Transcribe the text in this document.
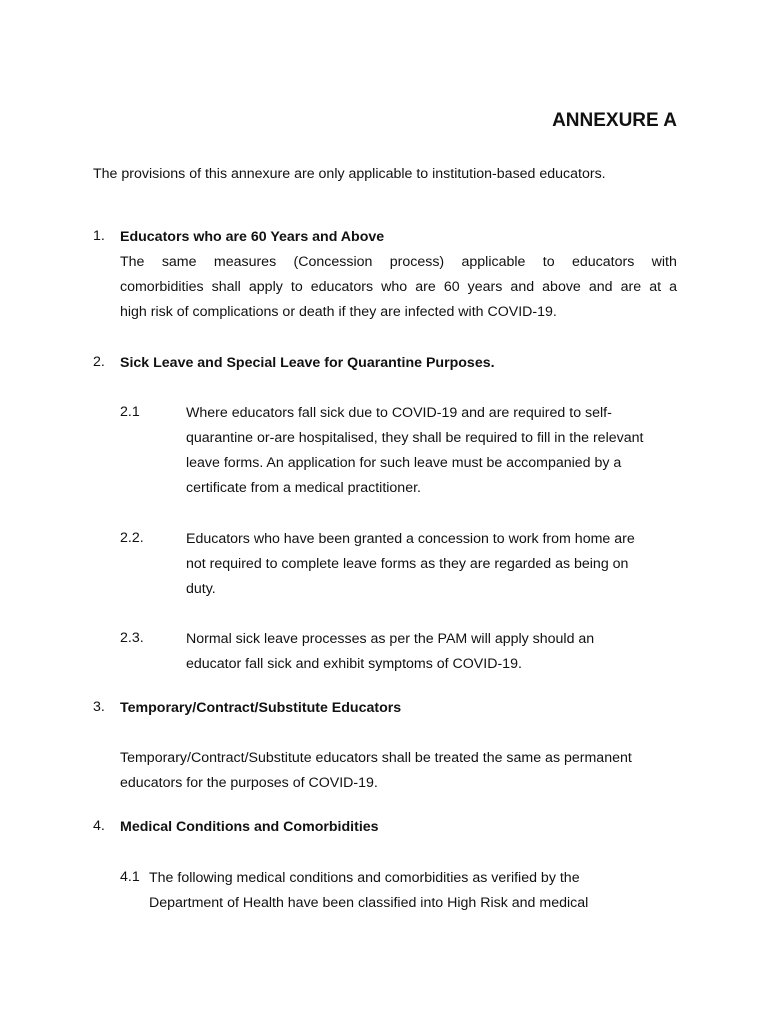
ANNEXURE A
The provisions of this annexure are only applicable to institution-based educators.
1. Educators who are 60 Years and Above
The same measures (Concession process) applicable to educators with
comorbidities shall apply to educators who are 60 years and above and are at a
high risk of complications or death if they are infected with COVID-19.
2. Sick Leave and Special Leave for Quarantine Purposes.
2.1	Where educators fall sick due to COVID-19 and are required to self-
quarantine or-are hospitalised, they shall be required to fill in the relevant
leave forms. An application for such leave must be accompanied by a
certificate from a medical practitioner.
2.2.	Educators who have been granted a concession to work from home are
not required to complete leave forms as they are regarded as being on
duty.
2.3.	Normal sick leave processes as per the PAM will apply should an
educator fall sick and exhibit symptoms of COVID-19.
3. Temporary/Contract/Substitute Educators
Temporary/Contract/Substitute educators shall be treated the same as permanent
educators for the purposes of COVID-19.
4. Medical Conditions and Comorbidities
4.1 The following medical conditions and comorbidities as verified by the
Department of Health have been classified into High Risk and medical
